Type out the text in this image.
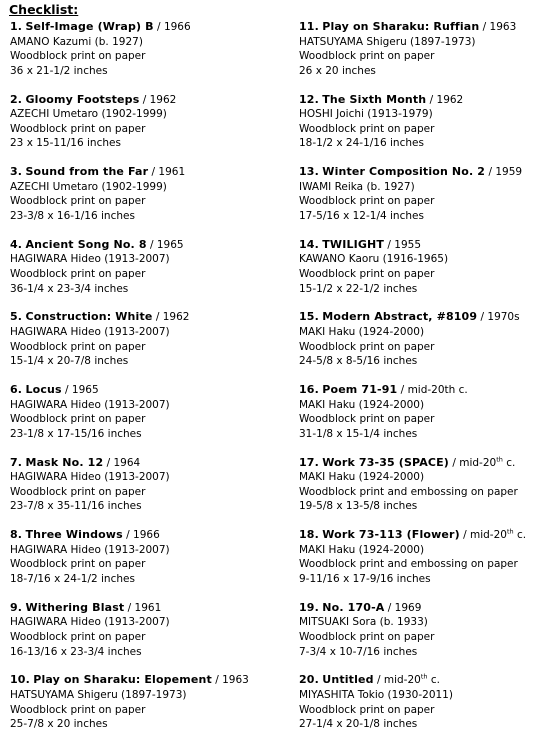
Checklist:
1. Self-Image (Wrap) B / 1966
AMANO Kazumi (b. 1927)
Woodblock print on paper
36 x 21-1/2 inches
2. Gloomy Footsteps / 1962
AZECHI Umetaro (1902-1999)
Woodblock print on paper
23 x 15-11/16 inches
3. Sound from the Far / 1961
AZECHI Umetaro (1902-1999)
Woodblock print on paper
23-3/8 x 16-1/16 inches
4. Ancient Song No. 8 / 1965
HAGIWARA Hideo (1913-2007)
Woodblock print on paper
36-1/4 x 23-3/4 inches
5. Construction: White / 1962
HAGIWARA Hideo (1913-2007)
Woodblock print on paper
15-1/4 x 20-7/8 inches
6. Locus / 1965
HAGIWARA Hideo (1913-2007)
Woodblock print on paper
23-1/8 x 17-15/16 inches
7. Mask No. 12 / 1964
HAGIWARA Hideo (1913-2007)
Woodblock print on paper
23-7/8 x 35-11/16 inches
8. Three Windows / 1966
HAGIWARA Hideo (1913-2007)
Woodblock print on paper
18-7/16 x 24-1/2 inches
9. Withering Blast / 1961
HAGIWARA Hideo (1913-2007)
Woodblock print on paper
16-13/16 x 23-3/4 inches
10. Play on Sharaku: Elopement / 1963
HATSUYAMA Shigeru (1897-1973)
Woodblock print on paper
25-7/8 x 20 inches
11. Play on Sharaku: Ruffian / 1963
HATSUYAMA Shigeru (1897-1973)
Woodblock print on paper
26 x 20 inches
12. The Sixth Month / 1962
HOSHI Joichi (1913-1979)
Woodblock print on paper
18-1/2 x 24-1/16 inches
13. Winter Composition No. 2 / 1959
IWAMI Reika (b. 1927)
Woodblock print on paper
17-5/16 x 12-1/4 inches
14. TWILIGHT / 1955
KAWANO Kaoru (1916-1965)
Woodblock print on paper
15-1/2 x 22-1/2 inches
15. Modern Abstract, #8109 / 1970s
MAKI Haku (1924-2000)
Woodblock print on paper
24-5/8 x 8-5/16 inches
16. Poem 71-91 / mid-20th c.
MAKI Haku (1924-2000)
Woodblock print on paper
31-1/8 x 15-1/4 inches
17. Work 73-35 (SPACE) / mid-20th c.
MAKI Haku (1924-2000)
Woodblock print and embossing on paper
19-5/8 x 13-5/8 inches
18. Work 73-113 (Flower) / mid-20th c.
MAKI Haku (1924-2000)
Woodblock print and embossing on paper
9-11/16 x 17-9/16 inches
19. No. 170-A / 1969
MITSUAKI Sora (b. 1933)
Woodblock print on paper
7-3/4 x 10-7/16 inches
20. Untitled / mid-20th c.
MIYASHITA Tokio (1930-2011)
Woodblock print on paper
27-1/4 x 20-1/8 inches
